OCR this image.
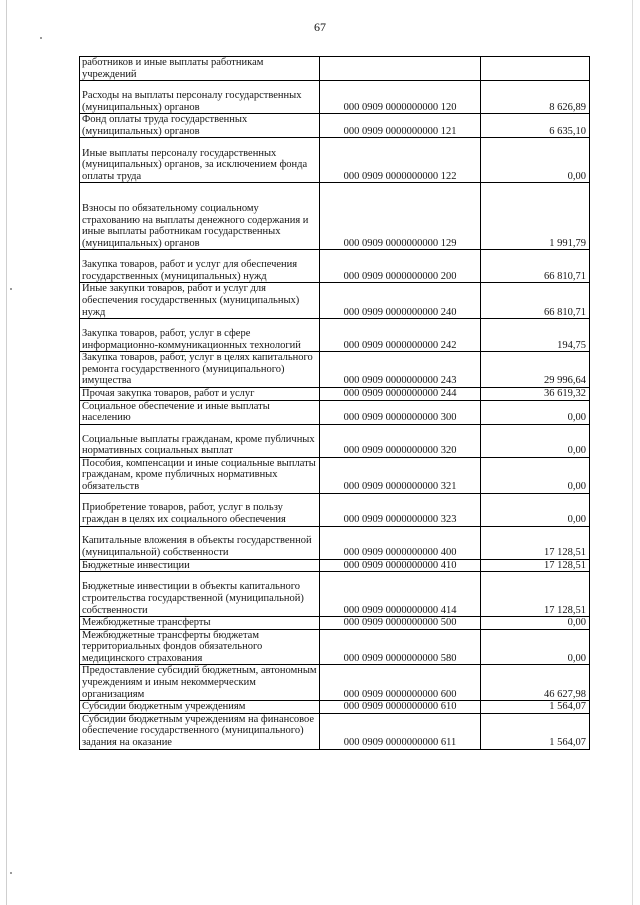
67
работников и иные выплаты работникам учреждений		
Расходы на выплаты персоналу государственных (муниципальных) органов	000 0909 0000000000 120	8 626,89
Фонд оплаты труда государственных (муниципальных) органов	000 0909 0000000000 121	6 635,10
Иные выплаты персоналу государственных (муниципальных) органов, за исключением фонда оплаты труда	000 0909 0000000000 122	0,00
Взносы по обязательному социальному страхованию на выплаты денежного содержания и иные выплаты работникам государственных (муниципальных) органов	000 0909 0000000000 129	1 991,79
Закупка товаров, работ и услуг для обеспечения государственных (муниципальных) нужд	000 0909 0000000000 200	66 810,71
Иные закупки товаров, работ и услуг для обеспечения государственных (муниципальных) нужд	000 0909 0000000000 240	66 810,71
Закупка товаров, работ, услуг в сфере информационно-коммуникационных технологий	000 0909 0000000000 242	194,75
Закупка товаров, работ, услуг в целях капитального ремонта государственного (муниципального) имущества	000 0909 0000000000 243	29 996,64
Прочая закупка товаров, работ и услуг	000 0909 0000000000 244	36 619,32
Социальное обеспечение и иные выплаты населению	000 0909 0000000000 300	0,00
Социальные выплаты гражданам, кроме публичных нормативных социальных выплат	000 0909 0000000000 320	0,00
Пособия, компенсации и иные социальные выплаты гражданам, кроме публичных нормативных обязательств	000 0909 0000000000 321	0,00
Приобретение товаров, работ, услуг в пользу граждан в целях их социального обеспечения	000 0909 0000000000 323	0,00
Капитальные вложения в объекты государственной (муниципальной) собственности	000 0909 0000000000 400	17 128,51
Бюджетные инвестиции	000 0909 0000000000 410	17 128,51
Бюджетные инвестиции в объекты капитального строительства государственной (муниципальной) собственности	000 0909 0000000000 414	17 128,51
Межбюджетные трансферты	000 0909 0000000000 500	0,00
Межбюджетные трансферты бюджетам территориальных фондов обязательного медицинского страхования	000 0909 0000000000 580	0,00
Предоставление субсидий бюджетным, автономным учреждениям и иным некоммерческим организациям	000 0909 0000000000 600	46 627,98
Субсидии бюджетным учреждениям	000 0909 0000000000 610	1 564,07
Субсидии бюджетным учреждениям на финансовое обеспечение государственного (муниципального) задания на оказание	000 0909 0000000000 611	1 564,07
